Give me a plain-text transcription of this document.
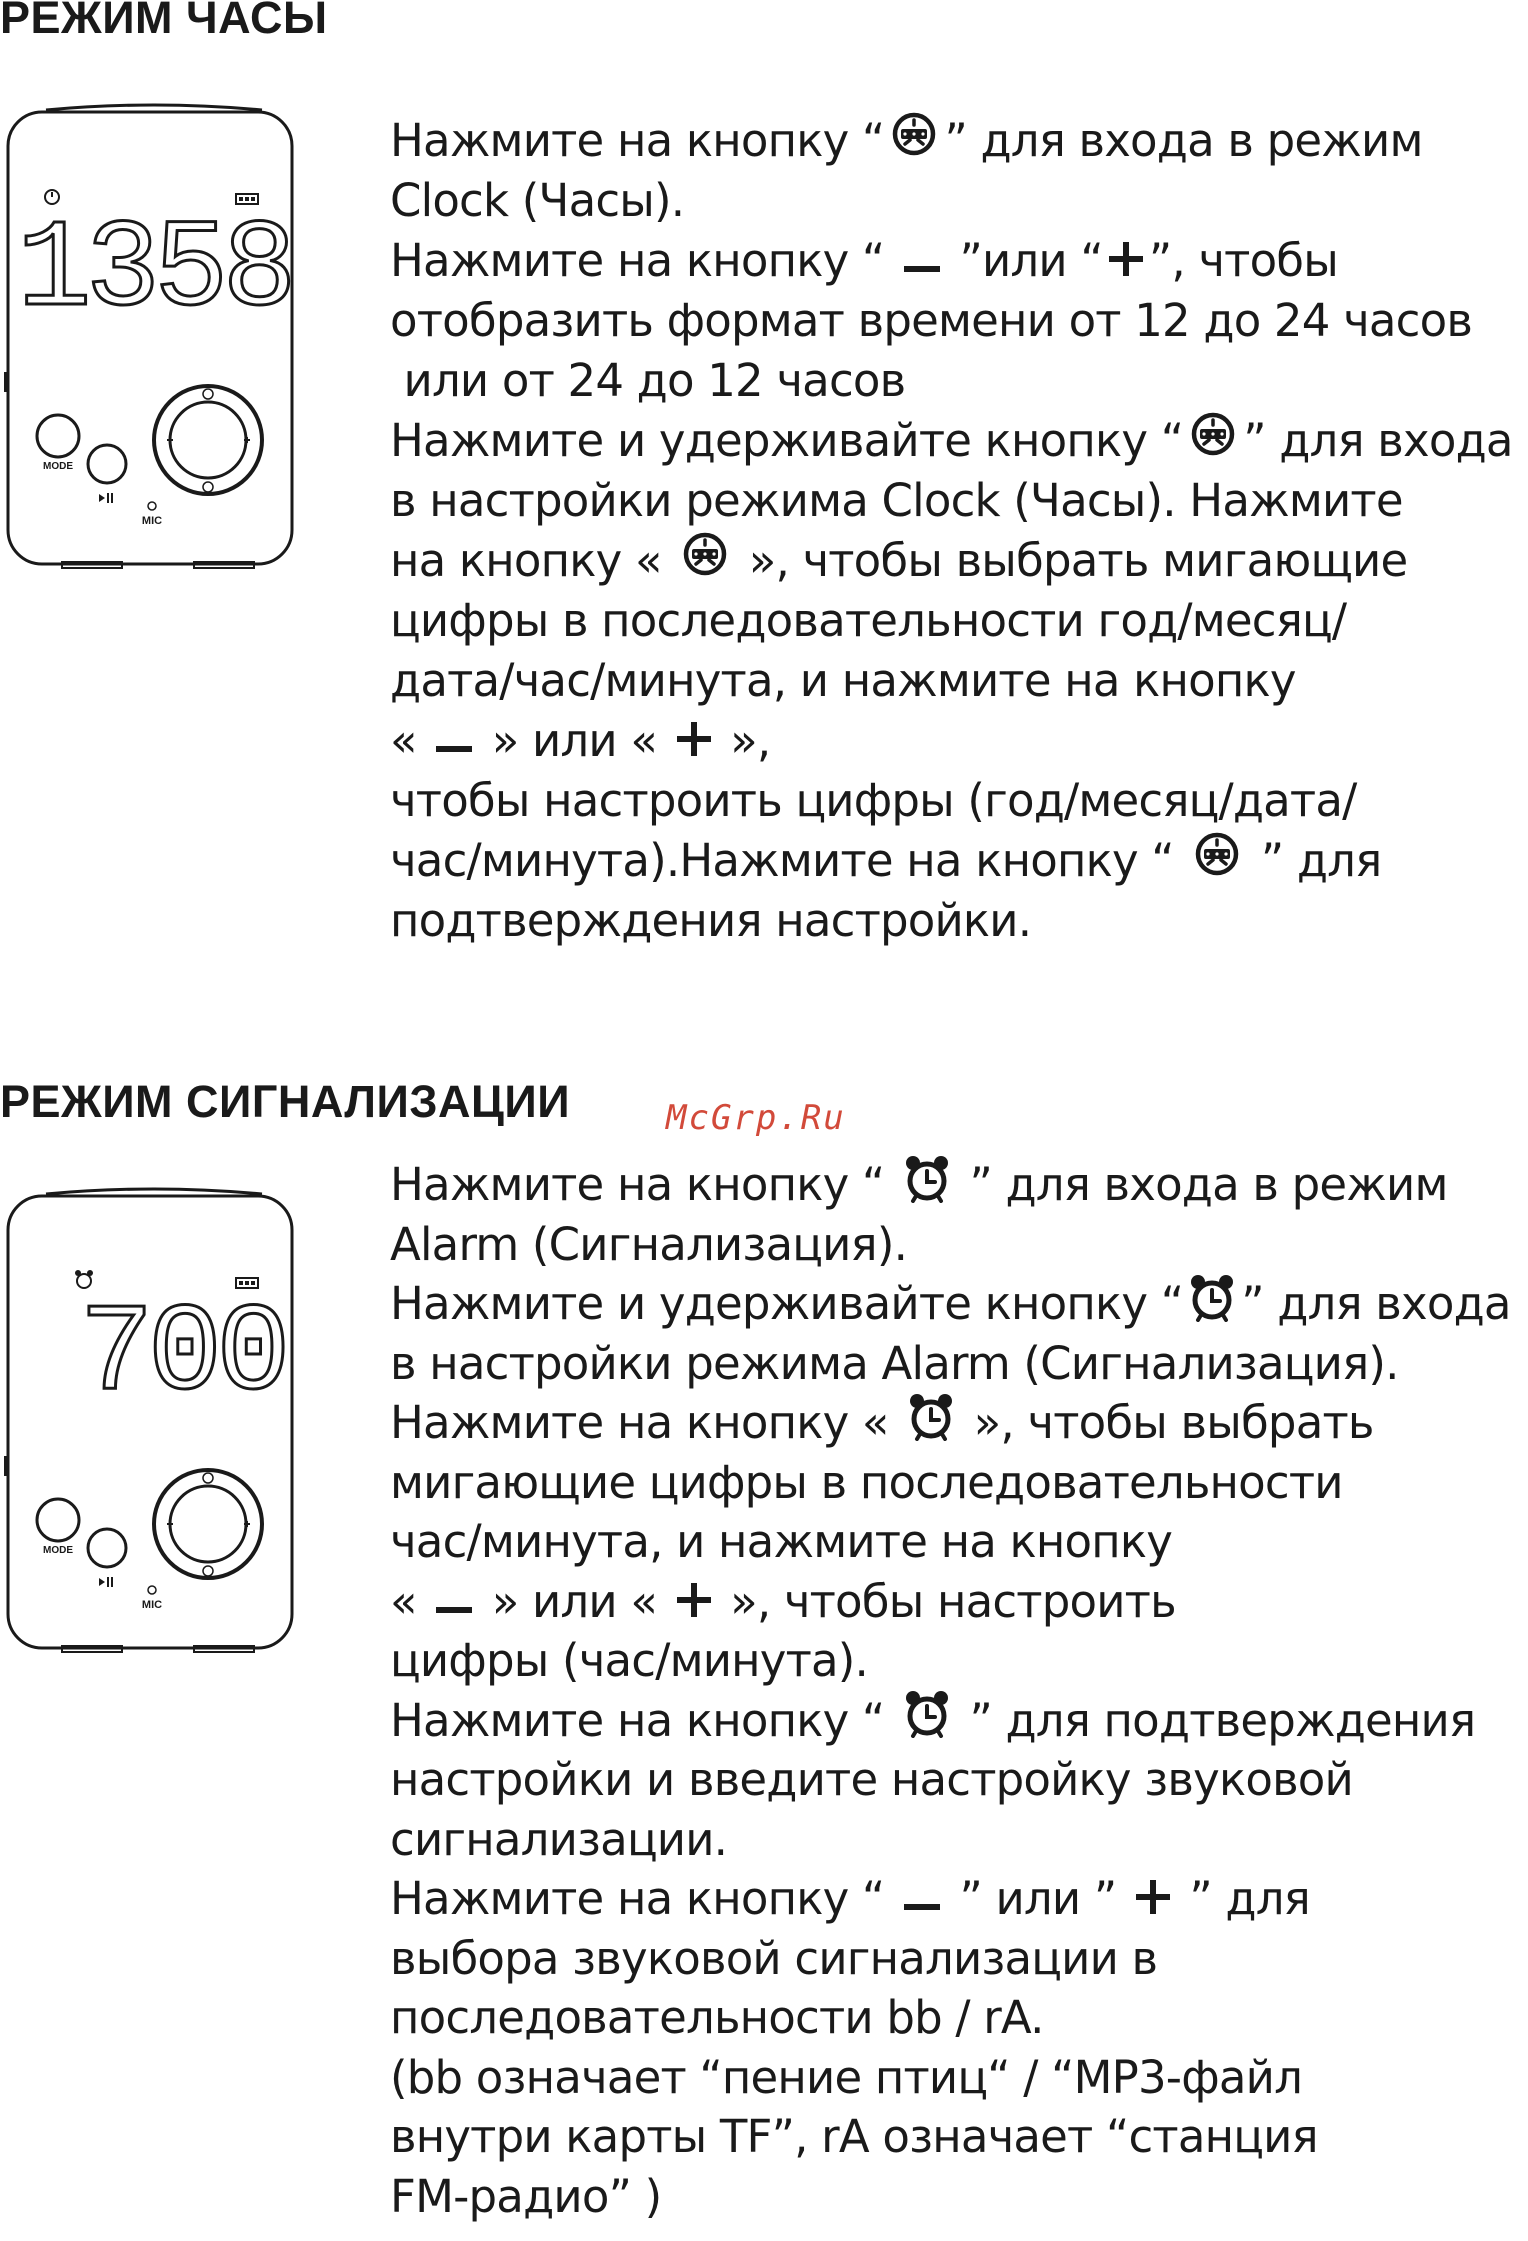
РЕЖИМ ЧАСЫ
1358
MODE
MIC
Нажмите на кнопку “ ” для входа в режим
Clock (Часы).
Нажмите на кнопку “  ”или “ ”, чтобы
отобразить формат времени от 12 до 24 часов
или от 24 до 12 часов
Нажмите и удерживайте кнопку “ ” для входа
в настройки режима Clock (Часы). Нажмите
на кнопку «  », чтобы выбрать мигающие
цифры в последовательности год/месяц/
дата/час/минута, и нажмите на кнопку
«  » или «  »,
чтобы настроить цифры (год/месяц/дата/
час/минута).Нажмите на кнопку “  ” для
подтверждения настройки.
РЕЖИМ СИГНАЛИЗАЦИИ	McGrp.Ru
700
MODE
MIC
Нажмите на кнопку “  ” для входа в режим
Alarm (Сигнализация).
Нажмите и удерживайте кнопку “ ” для входа
в настройки режима Alarm (Сигнализация).
Нажмите на кнопку «  », чтобы выбрать
мигающие цифры в последовательности
час/минута, и нажмите на кнопку
«  » или «  », чтобы настроить
цифры (час/минута).
Нажмите на кнопку “  ” для подтверждения
настройки и введите настройку звуковой
сигнализации.
Нажмите на кнопку “  ” или ”  ” для
выбора звуковой сигнализации в
последовательности bb / rA.
(bb означает “пение птиц“ / “MP3-файл
внутри карты TF”, rA означает “станция
FM-радио” )
